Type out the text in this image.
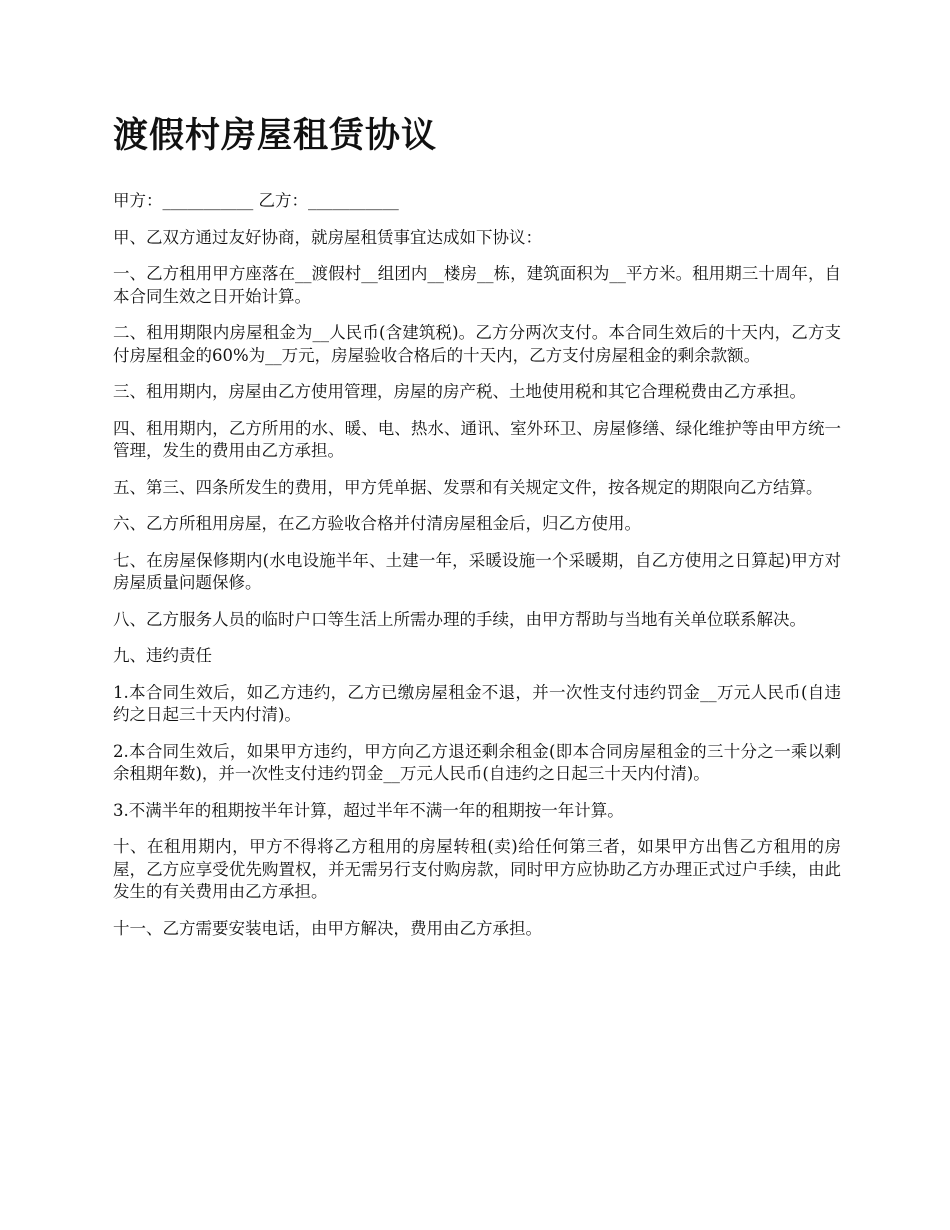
渡假村房屋租赁协议

甲方：___________ 乙方：___________

甲、乙双方通过友好协商，就房屋租赁事宜达成如下协议：

一、乙方租用甲方座落在__渡假村__组团内__楼房__栋，建筑面积为__平方米。租用期三十周年，自本合同生效之日开始计算。

二、租用期限内房屋租金为__人民币(含建筑税)。乙方分两次支付。本合同生效后的十天内，乙方支付房屋租金的60%为__万元，房屋验收合格后的十天内，乙方支付房屋租金的剩余款额。

三、租用期内，房屋由乙方使用管理，房屋的房产税、土地使用税和其它合理税费由乙方承担。

四、租用期内，乙方所用的水、暖、电、热水、通讯、室外环卫、房屋修缮、绿化维护等由甲方统一管理，发生的费用由乙方承担。

五、第三、四条所发生的费用，甲方凭单据、发票和有关规定文件，按各规定的期限向乙方结算。

六、乙方所租用房屋，在乙方验收合格并付清房屋租金后，归乙方使用。

七、在房屋保修期内(水电设施半年、土建一年，采暖设施一个采暖期，自乙方使用之日算起)甲方对房屋质量问题保修。

八、乙方服务人员的临时户口等生活上所需办理的手续，由甲方帮助与当地有关单位联系解决。

九、违约责任

1.本合同生效后，如乙方违约，乙方已缴房屋租金不退，并一次性支付违约罚金__万元人民币(自违约之日起三十天内付清)。

2.本合同生效后，如果甲方违约，甲方向乙方退还剩余租金(即本合同房屋租金的三十分之一乘以剩余租期年数)，并一次性支付违约罚金__万元人民币(自违约之日起三十天内付清)。

3.不满半年的租期按半年计算，超过半年不满一年的租期按一年计算。

十、在租用期内，甲方不得将乙方租用的房屋转租(卖)给任何第三者，如果甲方出售乙方租用的房屋，乙方应享受优先购置权，并无需另行支付购房款，同时甲方应协助乙方办理正式过户手续，由此发生的有关费用由乙方承担。

十一、乙方需要安装电话，由甲方解决，费用由乙方承担。
